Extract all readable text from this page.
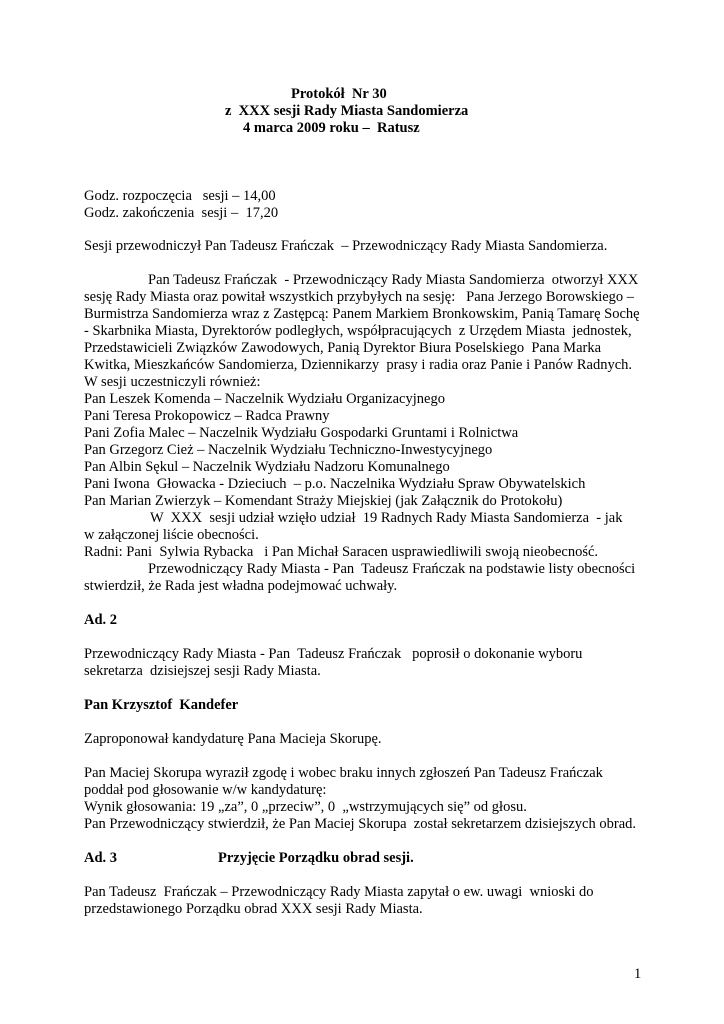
Protokół  Nr 30
z  XXX sesji Rady Miasta Sandomierza
4 marca 2009 roku –  Ratusz
Godz. rozpoczęcia   sesji – 14,00
Godz. zakończenia  sesji –  17,20
Sesji przewodniczył Pan Tadeusz Frańczak  – Przewodniczący Rady Miasta Sandomierza.
Pan Tadeusz Frańczak  - Przewodniczący Rady Miasta Sandomierza  otworzył XXX
sesję Rady Miasta oraz powitał wszystkich przybyłych na sesję:   Pana Jerzego Borowskiego –
Burmistrza Sandomierza wraz z Zastępcą: Panem Markiem Bronkowskim, Panią Tamarę Sochę
- Skarbnika Miasta, Dyrektorów podległych, współpracujących  z Urzędem Miasta  jednostek,
Przedstawicieli Związków Zawodowych, Panią Dyrektor Biura Poselskiego  Pana Marka
Kwitka, Mieszkańców Sandomierza, Dziennikarzy  prasy i radia oraz Panie i Panów Radnych.
W sesji uczestniczyli również:
Pan Leszek Komenda – Naczelnik Wydziału Organizacyjnego
Pani Teresa Prokopowicz – Radca Prawny
Pani Zofia Malec – Naczelnik Wydziału Gospodarki Gruntami i Rolnictwa
Pan Grzegorz Cież – Naczelnik Wydziału Techniczno-Inwestycyjnego
Pan Albin Sękul – Naczelnik Wydziału Nadzoru Komunalnego
Pani Iwona  Głowacka - Dzieciuch  – p.o. Naczelnika Wydziału Spraw Obywatelskich
Pan Marian Zwierzyk – Komendant Straży Miejskiej (jak Załącznik do Protokołu)
W  XXX  sesji udział wzięło udział  19 Radnych Rady Miasta Sandomierza  - jak
w załączonej liście obecności.
Radni: Pani  Sylwia Rybacka   i Pan Michał Saracen usprawiedliwili swoją nieobecność.
Przewodniczący Rady Miasta - Pan  Tadeusz Frańczak na podstawie listy obecności
stwierdził, że Rada jest władna podejmować uchwały.
Ad. 2
Przewodniczący Rady Miasta - Pan  Tadeusz Frańczak   poprosił o dokonanie wyboru
sekretarza  dzisiejszej sesji Rady Miasta.
Pan Krzysztof  Kandefer
Zaproponował kandydaturę Pana Macieja Skorupę.
Pan Maciej Skorupa wyraził zgodę i wobec braku innych zgłoszeń Pan Tadeusz Frańczak
poddał pod głosowanie w/w kandydaturę:
Wynik głosowania: 19 „za”, 0 „przeciw”, 0  „wstrzymujących się” od głosu.
Pan Przewodniczący stwierdził, że Pan Maciej Skorupa  został sekretarzem dzisiejszych obrad.
Ad. 3	Przyjęcie Porządku obrad sesji.
Pan Tadeusz  Frańczak – Przewodniczący Rady Miasta zapytał o ew. uwagi  wnioski do
przedstawionego Porządku obrad XXX sesji Rady Miasta.
1
